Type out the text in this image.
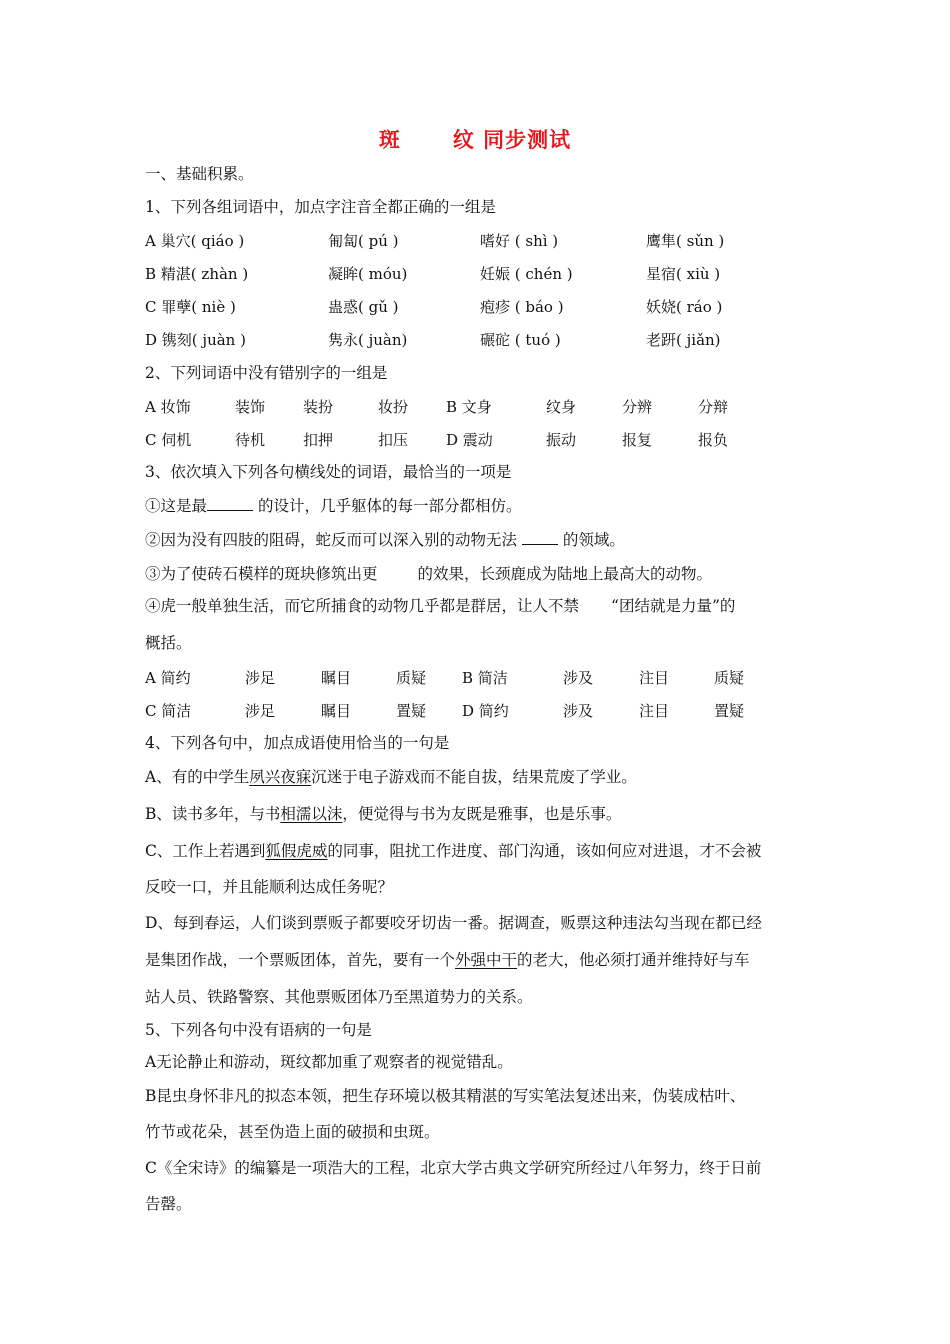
斑 纹 同步测试
一、基础积累。
1、下列各组词语中，加点字注音全都正确的一组是
A 巢穴( qiáo )	匍匐( pú )	嗜好 ( shì )	鹰隼( sǔn )
B 精湛( zhàn )	凝眸( móu)	妊娠 ( chén )	星宿( xiù )
C 罪孽( niè )	蛊惑( gǔ )	疱疹 ( báo )	妖娆( ráo )
D 镌刻( juàn )	隽永( juàn)	碾砣 ( tuó )	老趼( jiǎn)
2、下列词语中没有错别字的一组是
A 妆饰	装饰	装扮	妆扮	B 文身	纹身	分辨	分辩
C 伺机	待机	扣押	扣压	D 震动	振动	报复	报负
3、依次填入下列各句横线处的词语，最恰当的一项是
①这是最	的设计，几乎躯体的每一部分都相仿。
②因为没有四肢的阻碍，蛇反而可以深入别的动物无法  的领域。
③为了使砖石模样的斑块修筑出更	的效果，长颈鹿成为陆地上最高大的动物。
④虎一般单独生活，而它所捕食的动物几乎都是群居，让人不禁 “团结就是力量”的
概括。
A 简约	涉足	瞩目	质疑 B 简洁	涉及	注目	质疑
C 简洁	涉足	瞩目	置疑 D 简约	涉及	注目	置疑
4、下列各句中，加点成语使用恰当的一句是
A、有的中学生夙兴夜寐沉迷于电子游戏而不能自拔，结果荒废了学业。
B、读书多年，与书相濡以沫，便觉得与书为友既是雅事，也是乐事。
C、工作上若遇到狐假虎威的同事，阻扰工作进度、部门沟通，该如何应对进退，才不会被
反咬一口，并且能顺利达成任务呢？
D、每到春运，人们谈到票贩子都要咬牙切齿一番。据调查，贩票这种违法勾当现在都已经
是集团作战，一个票贩团体，首先，要有一个外强中干的老大，他必须打通并维持好与车
站人员、铁路警察、其他票贩团体乃至黑道势力的关系。
5、下列各句中没有语病的一句是
A无论静止和游动，斑纹都加重了观察者的视觉错乱。
B昆虫身怀非凡的拟态本领，把生存环境以极其精湛的写实笔法复述出来，伪装成枯叶、
竹节或花朵，甚至伪造上面的破损和虫斑。
C《全宋诗》的编纂是一项浩大的工程，北京大学古典文学研究所经过八年努力，终于日前
告罄。
